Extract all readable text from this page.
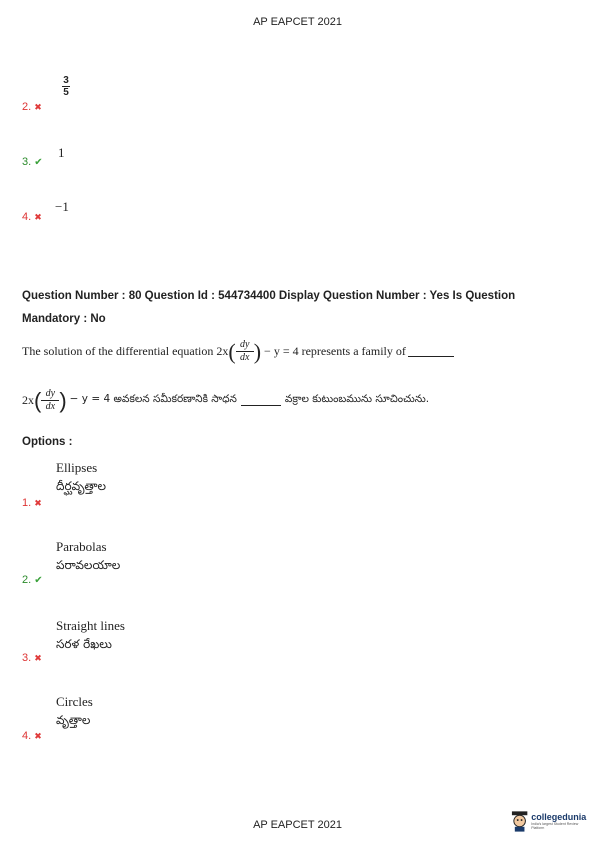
AP EAPCET 2021
$\frac{3}{5}$
2. ✖
1
3. ✔
−1
4. ✖
Question Number : 80 Question Id : 544734400 Display Question Number : Yes Is Question
Mandatory : No
The solution of the differential equation 2x ( dy
dx ) − y = 4 represents a family of
2x ( dy
dx ) − y = 4 అవకలన సమీకరణానికి సాధన	వక్రాల కుటుంబమును సూచించును.
Options :
Ellipses
దీర్ఘవృత్తాల
1. ✖
Parabolas
పరావలయాల
2. ✔
Straight lines
సరళ రేఖలు
3. ✖
Circles
వృత్తాల
4. ✖
AP EAPCET 2021
collegedunia
India's largest Student Review Platform
